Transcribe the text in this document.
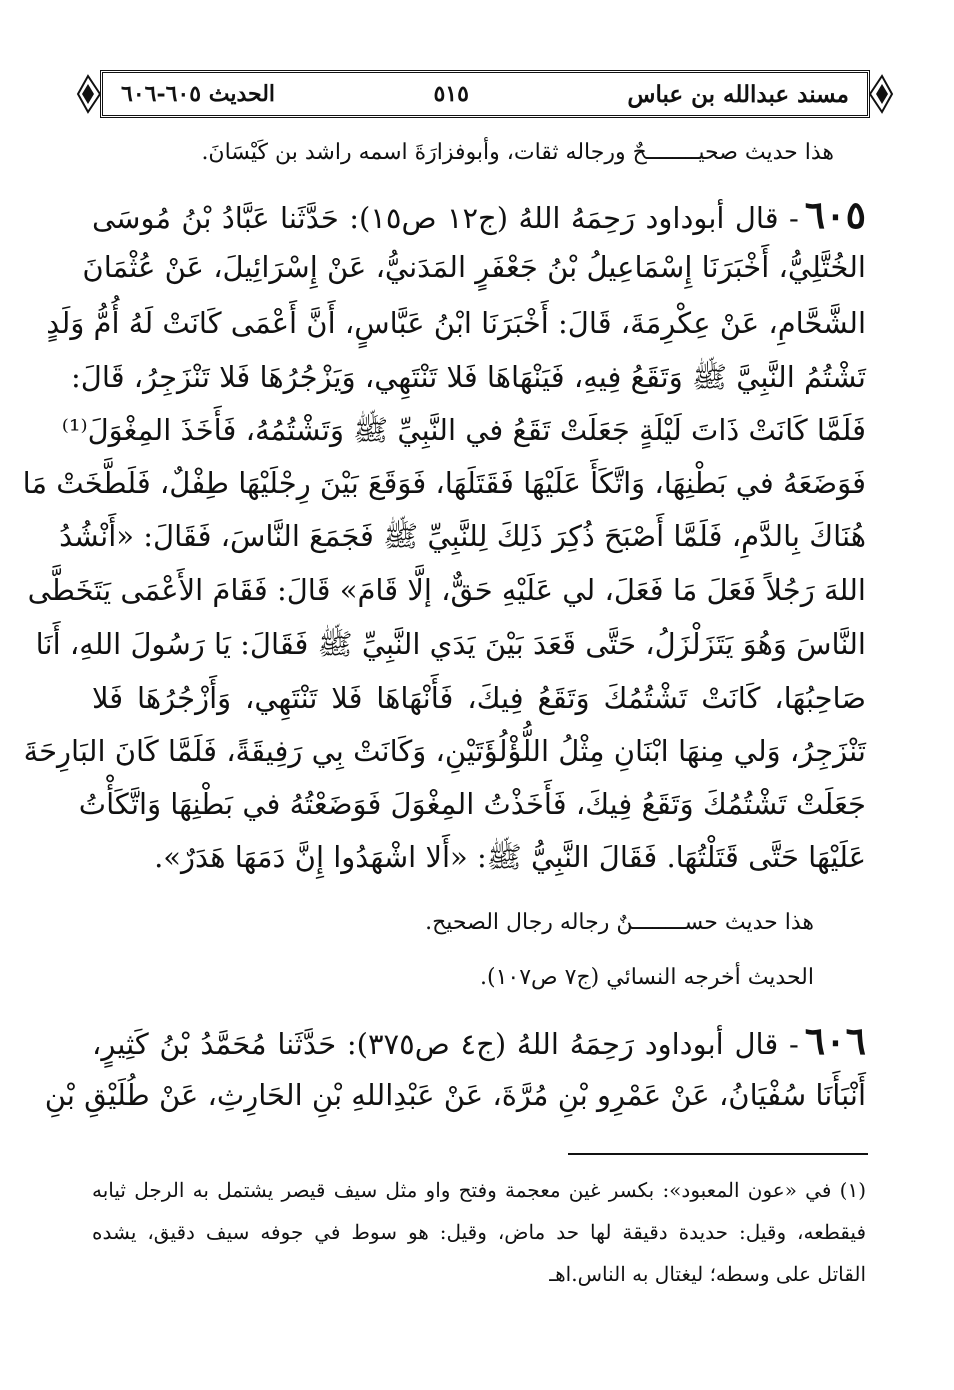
مسند عبدالله بن عباس
٥١٥
الحديث ٦٠٥-٦٠٦
هذا حديث صحيــــــــحٌ ورجاله ثقات، وأبوفزارَةَ اسمه راشد بن كَيْسَانَ.
٦٠٥- قال أبوداود رَحِمَهُ اللهُ (ج١٢ ص١٥): حَدَّثَنا عَبَّادُ بْنُ مُوسَى
الخُتَّلِيُّ، أَخْبَرَنَا إِسْمَاعِيلُ بْنُ جَعْفَرٍ المَدَنيُّ، عَنْ إِسْرَائِيلَ، عَنْ عُثْمَانَ
الشَّحَّامِ، عَنْ عِكْرِمَةَ، قَالَ: أَخْبَرَنَا ابْنُ عَبَّاسٍ، أَنَّ أَعْمَى كَانَتْ لَهُ أُمُّ وَلَدٍ
تَشْتُمُ النَّبِيَّ ﷺ وَتَقَعُ فِيهِ، فَيَنْهَاهَا فَلا تَنْتَهِي، وَيَزْجُرُهَا فَلا تَنْزَجِرُ، قَالَ:
فَلَمَّا كَانَتْ ذَاتَ لَيْلَةٍ جَعَلَتْ تَقَعُ في النَّبِيِّ ﷺ وَتَشْتُمُهُ، فَأَخَذَ المِغْوَلَ⁽¹⁾
فَوَضَعَهُ في بَطْنِهَا، وَاتَّكَأَ عَلَيْهَا فَقَتَلَهَا، فَوَقَعَ بَيْنَ رِجْلَيْهَا طِفْلٌ، فَلَطَّخَتْ مَا
هُنَاكَ بِالدَّمِ، فَلَمَّا أَصْبَحَ ذُكِرَ ذَلِكَ لِلنَّبِيِّ ﷺ فَجَمَعَ النَّاسَ، فَقَالَ: «أَنْشُدُ
اللهَ رَجُلاً فَعَلَ مَا فَعَلَ، لي عَلَيْهِ حَقٌّ، إلَّا قَامَ» قَالَ: فَقَامَ الأَعْمَى يَتَخَطَّى
النَّاسَ وَهُوَ يَتَزَلْزَلُ، حَتَّى قَعَدَ بَيْنَ يَدَي النَّبِيِّ ﷺ فَقَالَ: يَا رَسُولَ اللهِ، أَنَا
صَاحِبُهَا، كَانَتْ تَشْتُمُكَ وَتَقَعُ فِيكَ، فَأَنْهَاهَا فَلا تَنْتَهِي، وَأَزْجُرُهَا فَلا
تَنْزَجِرُ، وَلي مِنهَا ابْنَانِ مِثْلُ اللُّؤْلُؤَتَيْنِ، وَكَانَتْ بِي رَفِيقَةً، فَلَمَّا كَانَ البَارِحَةَ
جَعَلَتْ تَشْتُمُكَ وَتَقَعُ فِيكَ، فَأَخَذْتُ المِغْوَلَ فَوَضَعْتُهُ في بَطْنِهَا وَاتَّكَأْتُ
عَلَيْهَا حَتَّى قَتَلْتُهَا. فَقَالَ النَّبِيُّ ﷺ: «أَلا اشْهَدُوا إِنَّ دَمَهَا هَدَرٌ».
هذا حديث حســــــــنٌ رجاله رجال الصحيح.
الحديث أخرجه النسائي (ج٧ ص١٠٧).
٦٠٦- قال أبوداود رَحِمَهُ اللهُ (ج٤ ص٣٧٥): حَدَّثَنا مُحَمَّدُ بْنُ كَثِيرٍ،
أَنْبَأَنَا سُفْيَانُ، عَنْ عَمْرِو بْنِ مُرَّةَ، عَنْ عَبْدِاللهِ بْنِ الحَارِثِ، عَنْ طُلَيْقِ بْنِ
(١) في «عون المعبود»: بكسر غين معجمة وفتح واو مثل سيف قيصر يشتمل به الرجل ثيابه
فيقطعه، وقيل: حديدة دقيقة لها حد ماض، وقيل: هو سوط في جوفه سيف دقيق، يشده
القاتل على وسطه؛ ليغتال به الناس.اهـ
